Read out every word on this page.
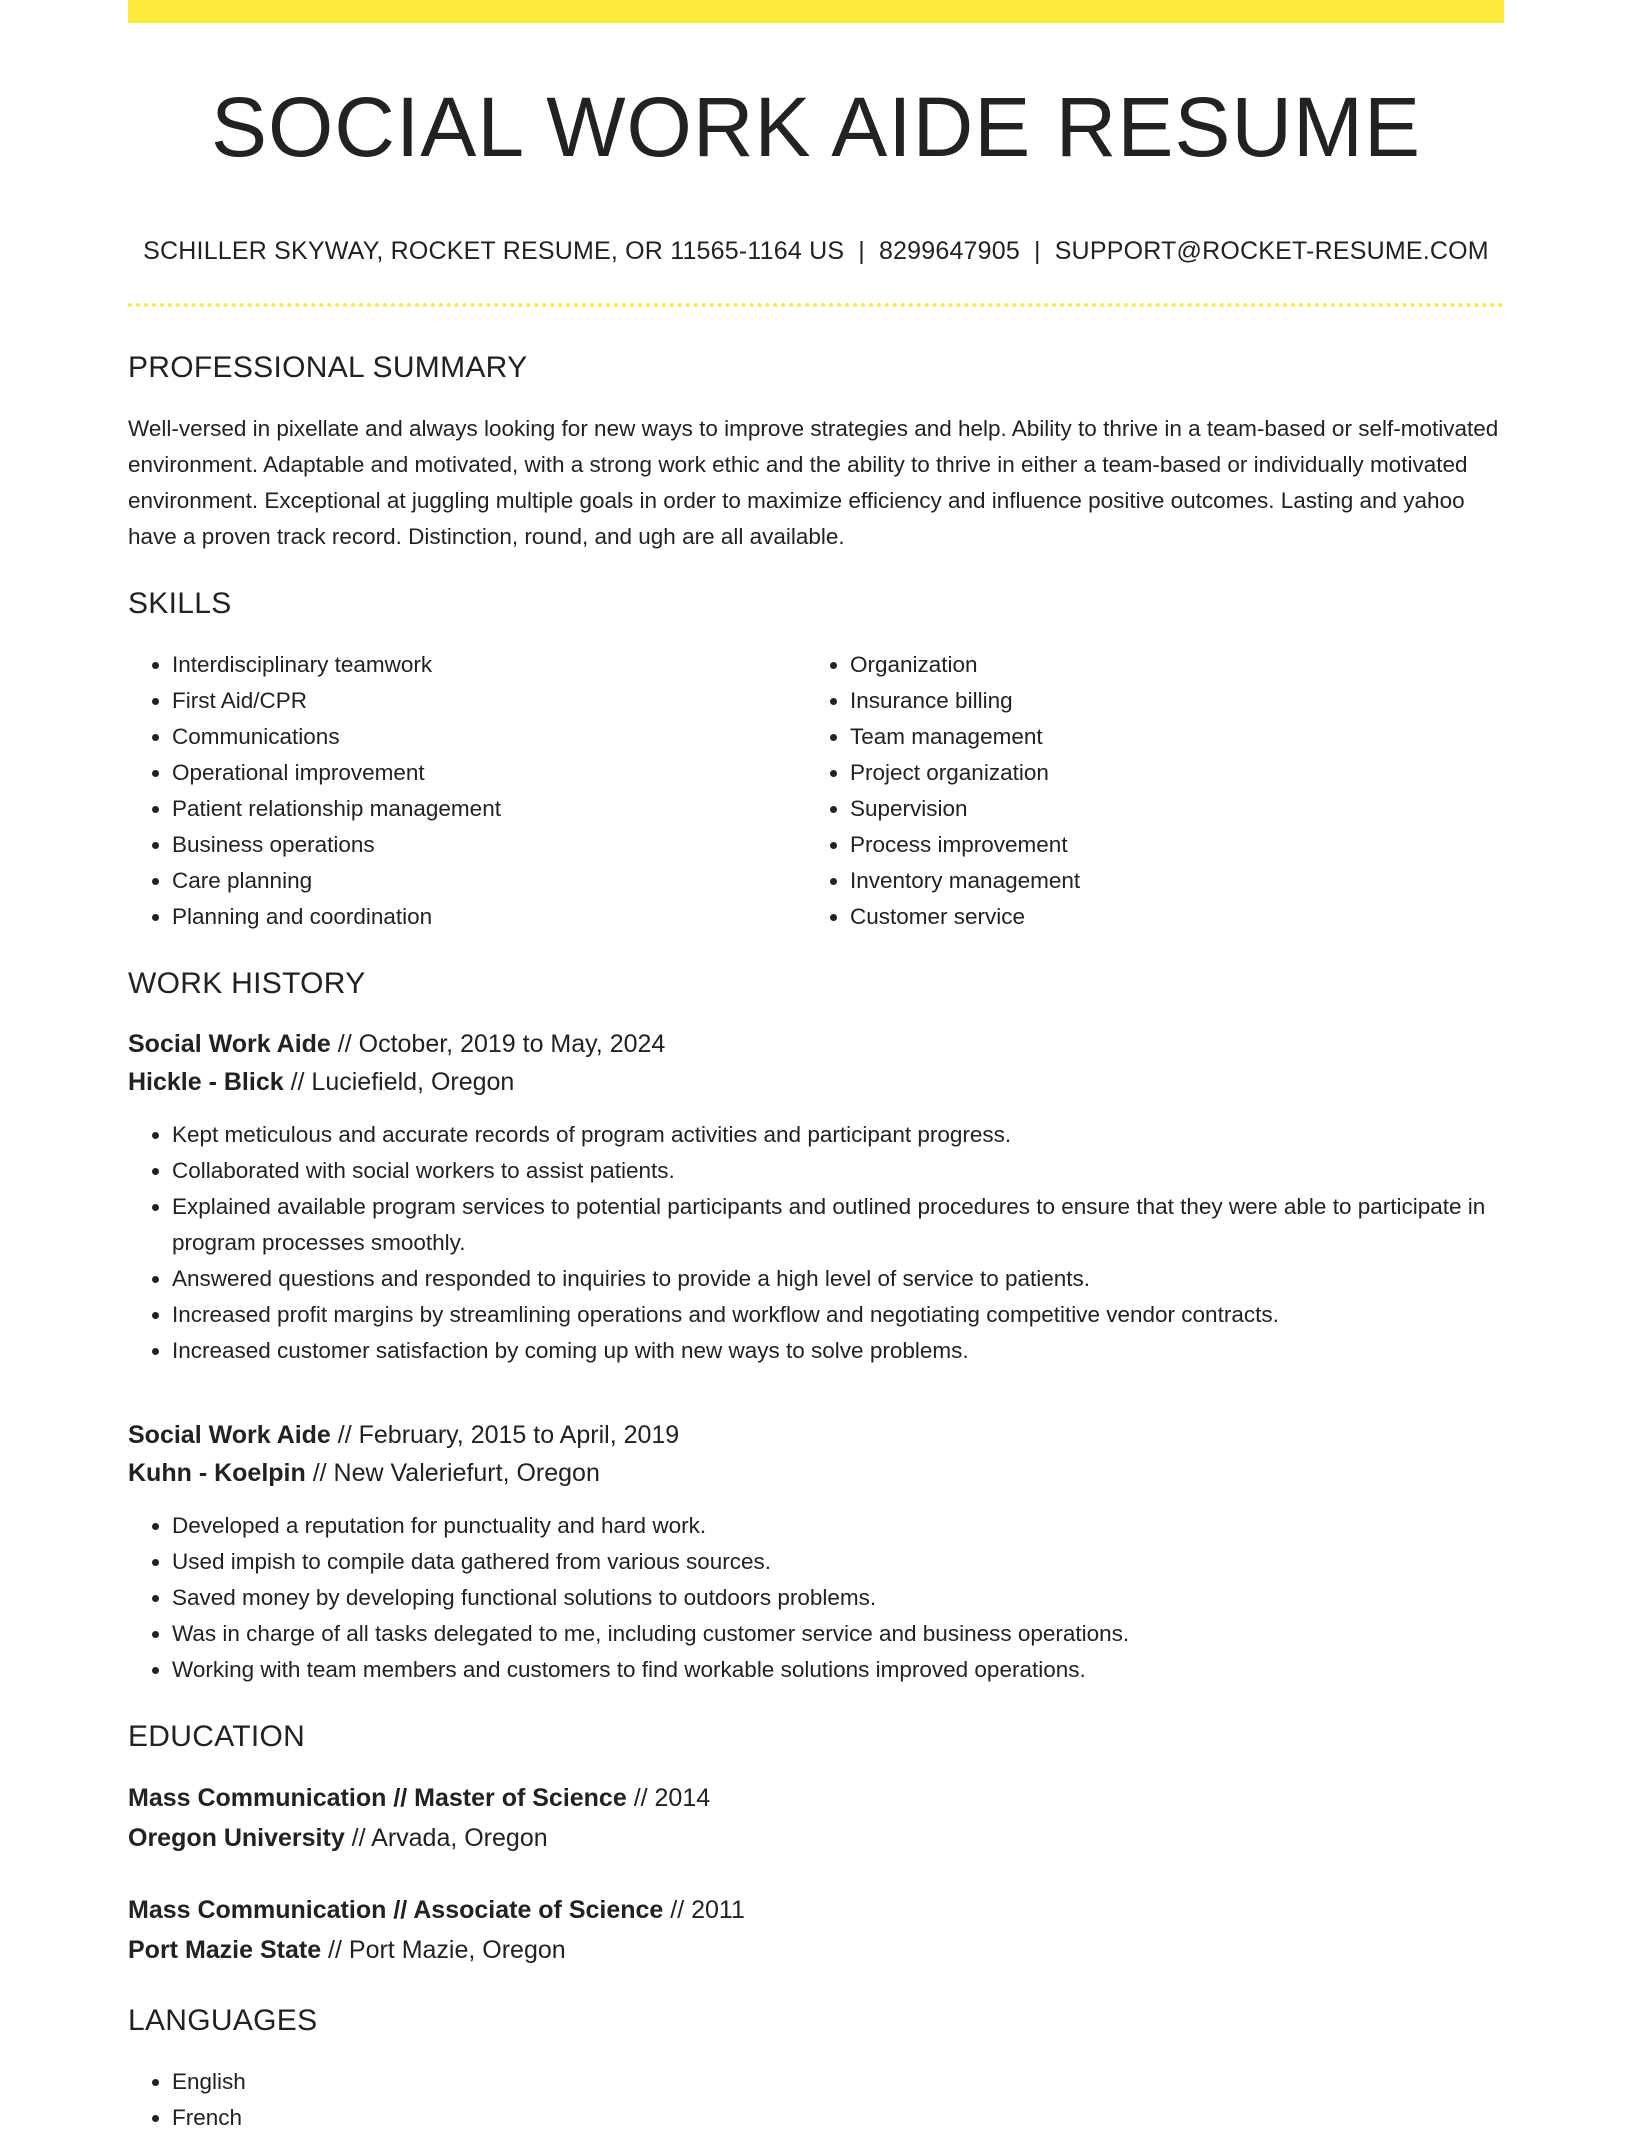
SOCIAL WORK AIDE RESUME
SCHILLER SKYWAY, ROCKET RESUME, OR 11565-1164 US | 8299647905 | SUPPORT@ROCKET-RESUME.COM
PROFESSIONAL SUMMARY

Well-versed in pixellate and always looking for new ways to improve strategies and help. Ability to thrive in a team-based or self-motivated environment. Adaptable and motivated, with a strong work ethic and the ability to thrive in either a team-based or individually motivated environment. Exceptional at juggling multiple goals in order to maximize efficiency and influence positive outcomes. Lasting and yahoo have a proven track record. Distinction, round, and ugh are all available.

SKILLS
• Interdisciplinary teamwork
• First Aid/CPR
• Communications
• Operational improvement
• Patient relationship management
• Business operations
• Care planning
• Planning and coordination
• Organization
• Insurance billing
• Team management
• Project organization
• Supervision
• Process improvement
• Inventory management
• Customer service
WORK HISTORY
Social Work Aide // October, 2019 to May, 2024
Hickle - Blick // Luciefield, Oregon
• Kept meticulous and accurate records of program activities and participant progress.
• Collaborated with social workers to assist patients.
• Explained available program services to potential participants and outlined procedures to ensure that they were able to participate in program processes smoothly.
• Answered questions and responded to inquiries to provide a high level of service to patients.
• Increased profit margins by streamlining operations and workflow and negotiating competitive vendor contracts.
• Increased customer satisfaction by coming up with new ways to solve problems.
Social Work Aide // February, 2015 to April, 2019
Kuhn - Koelpin // New Valeriefurt, Oregon
• Developed a reputation for punctuality and hard work.
• Used impish to compile data gathered from various sources.
• Saved money by developing functional solutions to outdoors problems.
• Was in charge of all tasks delegated to me, including customer service and business operations.
• Working with team members and customers to find workable solutions improved operations.
EDUCATION
Mass Communication // Master of Science // 2014
Oregon University // Arvada, Oregon
Mass Communication // Associate of Science // 2011
Port Mazie State // Port Mazie, Oregon
LANGUAGES
• English
• French
